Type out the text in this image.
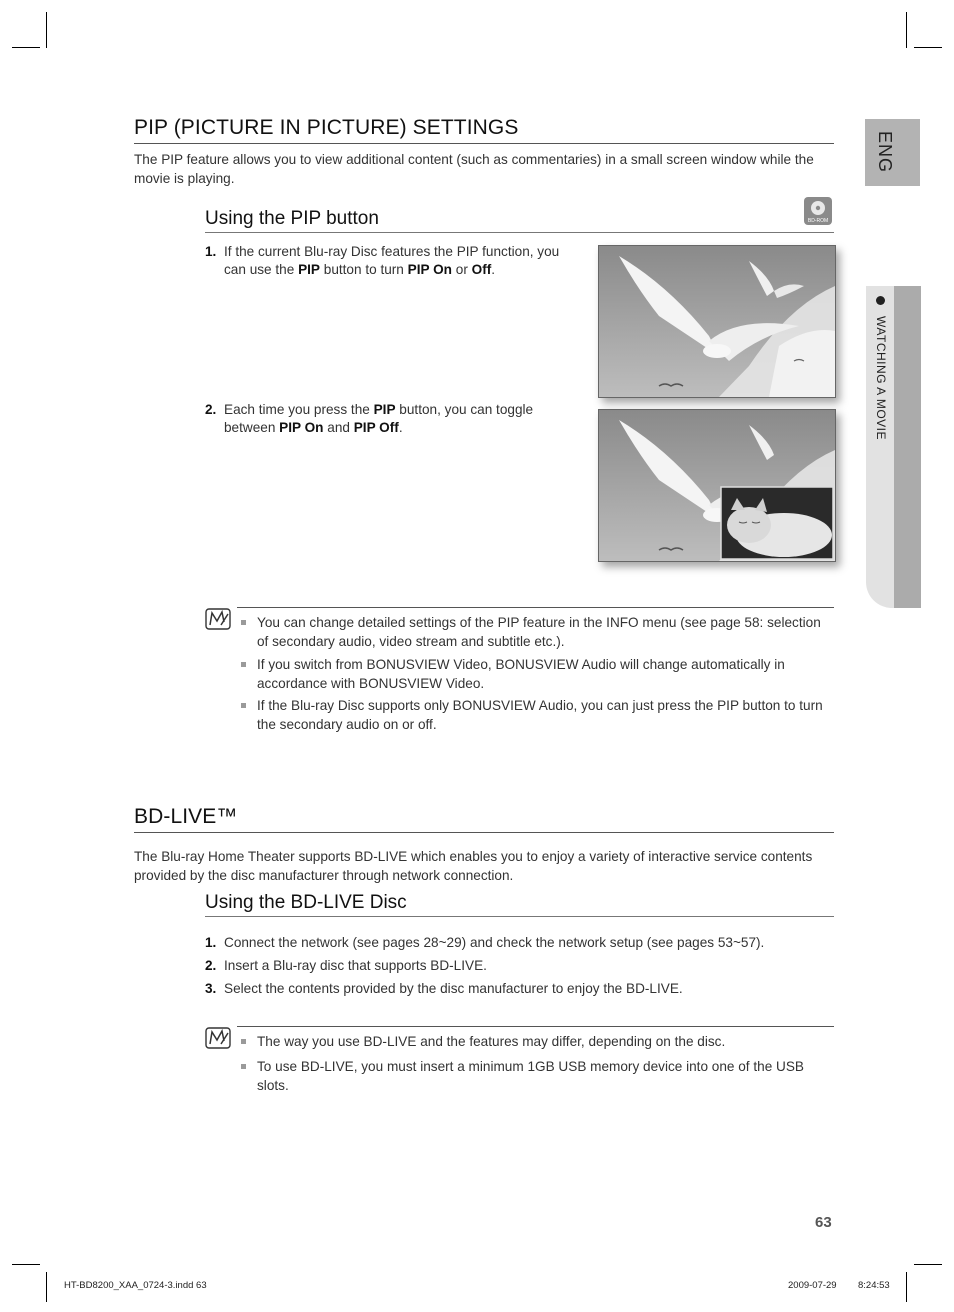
ENG
WATCHING A MOVIE
PIP (PICTURE IN PICTURE) SETTINGS
The PIP feature allows you to view additional content (such as commentaries) in a small screen window while the movie is playing.
Using the PIP button	BD-ROM
1. If the current Blu-ray Disc features the PIP function, you can use the PIP button to turn PIP On or Off.
2. Each time you press the PIP button, you can toggle between PIP On and PIP Off.
You can change detailed settings of the PIP feature in the INFO menu (see page 58: selection of secondary audio, video stream and subtitle etc.).
If you switch from BONUSVIEW Video, BONUSVIEW Audio will change automatically in accordance with BONUSVIEW Video.
If the Blu-ray Disc supports only BONUSVIEW Audio, you can just press the PIP button to turn the secondary audio on or off.
BD-LIVE™
The Blu-ray Home Theater supports BD-LIVE which enables you to enjoy a variety of interactive service contents provided by the disc manufacturer through network connection.
Using the BD-LIVE Disc
1. Connect the network (see pages 28~29) and check the network setup (see pages 53~57).
2. Insert a Blu-ray disc that supports BD-LIVE.
3. Select the contents provided by the disc manufacturer to enjoy the BD-LIVE.
The way you use BD-LIVE and the features may differ, depending on the disc.
To use BD-LIVE, you must insert a minimum 1GB USB memory device into one of the USB slots.
63
HT-BD8200_XAA_0724-3.indd 63	2009-07-29 8:24:53
